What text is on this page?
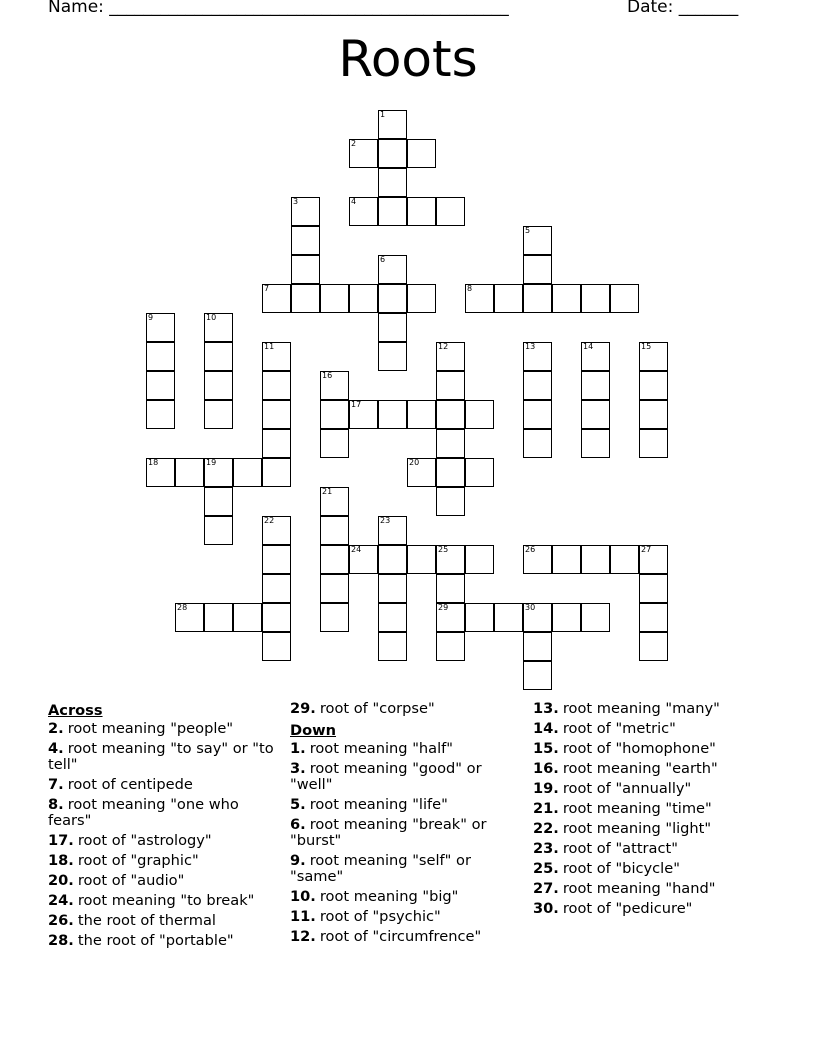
Name: _______________________________________________	Date: _______
Roots
1
2
3	4
5
6
7	8
9	10
11	12	13	14	15
16
17
18	19	20
21
22	23
24	25	26	27
28	29	30
Across
2. root meaning "people"
4. root meaning "to say" or "to tell"
7. root of centipede
8. root meaning "one who fears"
17. root of "astrology"
18. root of "graphic"
20. root of "audio"
24. root meaning "to break"
26. the root of thermal
28. the root of "portable"
29. root of "corpse"
Down
1. root meaning "half"
3. root meaning "good" or "well"
5. root meaning "life"
6. root meaning "break" or "burst"
9. root meaning "self" or "same"
10. root meaning "big"
11. root of "psychic"
12. root of "circumfrence"
13. root meaning "many"
14. root of "metric"
15. root of "homophone"
16. root meaning "earth"
19. root of "annually"
21. root meaning "time"
22. root meaning "light"
23. root of "attract"
25. root of "bicycle"
27. root meaning "hand"
30. root of "pedicure"
